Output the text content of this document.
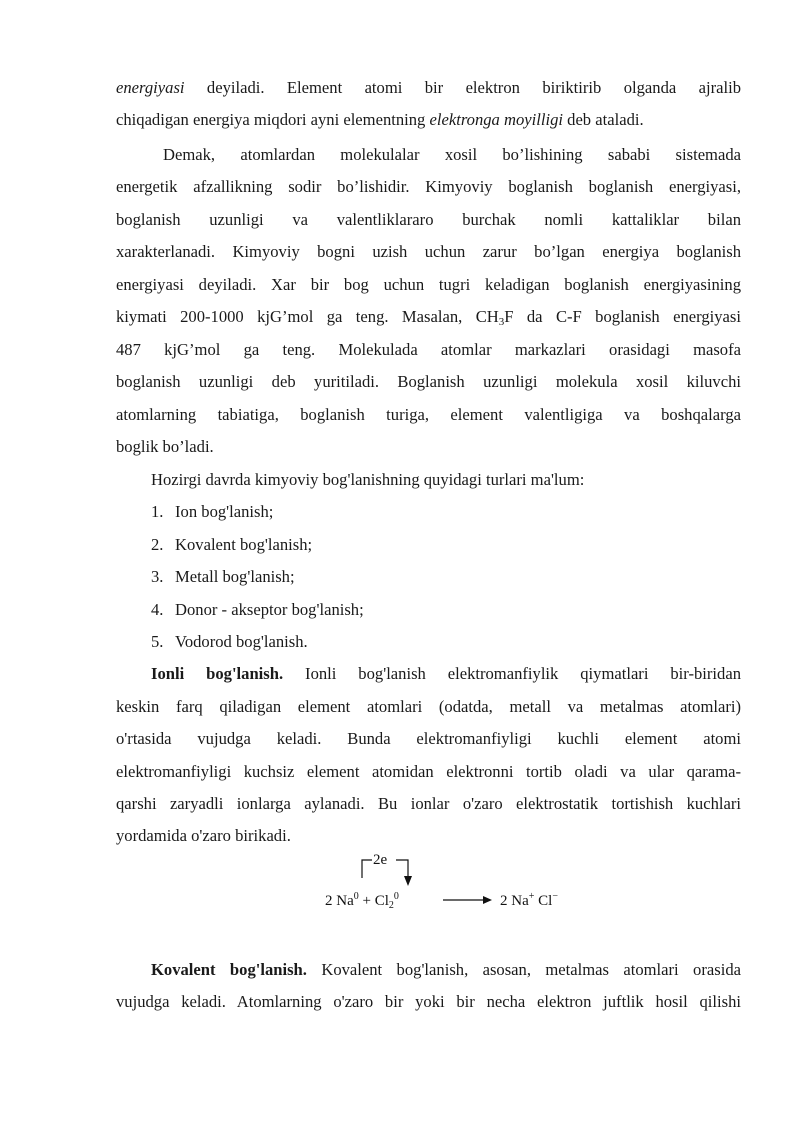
energiyasi deyiladi. Element atomi bir elektron biriktirib olganda ajralib
chiqadigan energiya miqdori ayni elementning elektronga moyilligi deb ataladi.
Demak, atomlardan molekulalar xosil bo’lishining sababi sistemada
energetik afzallikning sodir bo’lishidir. Kimyoviy boglanish boglanish energiyasi,
boglanish uzunligi va valentliklararo burchak nomli kattaliklar bilan
xarakterlanadi. Kimyoviy bogni uzish uchun zarur bo’lgan energiya boglanish
energiyasi deyiladi. Xar bir bog uchun tugri keladigan boglanish energiyasining
kiymati 200-1000 kjG’mol ga teng. Masalan, $CH_3F$ da C-F boglanish energiyasi
487 kjG’mol ga teng. Molekulada atomlar markazlari orasidagi masofa
boglanish uzunligi deb yuritiladi. Boglanish uzunligi molekula xosil kiluvchi
atomlarning tabiatiga, boglanish turiga, element valentligiga va boshqalarga
boglik bo’ladi.
Hozirgi davrda kimyoviy bog'lanishning quyidagi turlari ma'lum:
1. Ion bog'lanish;
2. Kovalent bog'lanish;
3. Metall bog'lanish;
4. Donor - akseptor bog'lanish;
5. Vodorod bog'lanish.
Ionli bog'lanish. Ionli bog'lanish elektromanfiylik qiymatlari bir-biridan
keskin farq qiladigan element atomlari (odatda, metall va metalmas atomlari)
o'rtasida vujudga keladi. Bunda elektromanfiyligi kuchli element atomi
elektromanfiyligi kuchsiz element atomidan elektronni tortib oladi va ular qarama-
qarshi zaryadli ionlarga aylanadi. Bu ionlar o'zaro elektrostatik tortishish kuchlari
yordamida o'zaro birikadi.
2e
2 $Na^0 + Cl_2^0$	2 Na+ Cl−
Kovalent bog'lanish. Kovalent bog'lanish, asosan, metalmas atomlari orasida
vujudga keladi. Atomlarning o'zaro bir yoki bir necha elektron juftlik hosil qilishi
